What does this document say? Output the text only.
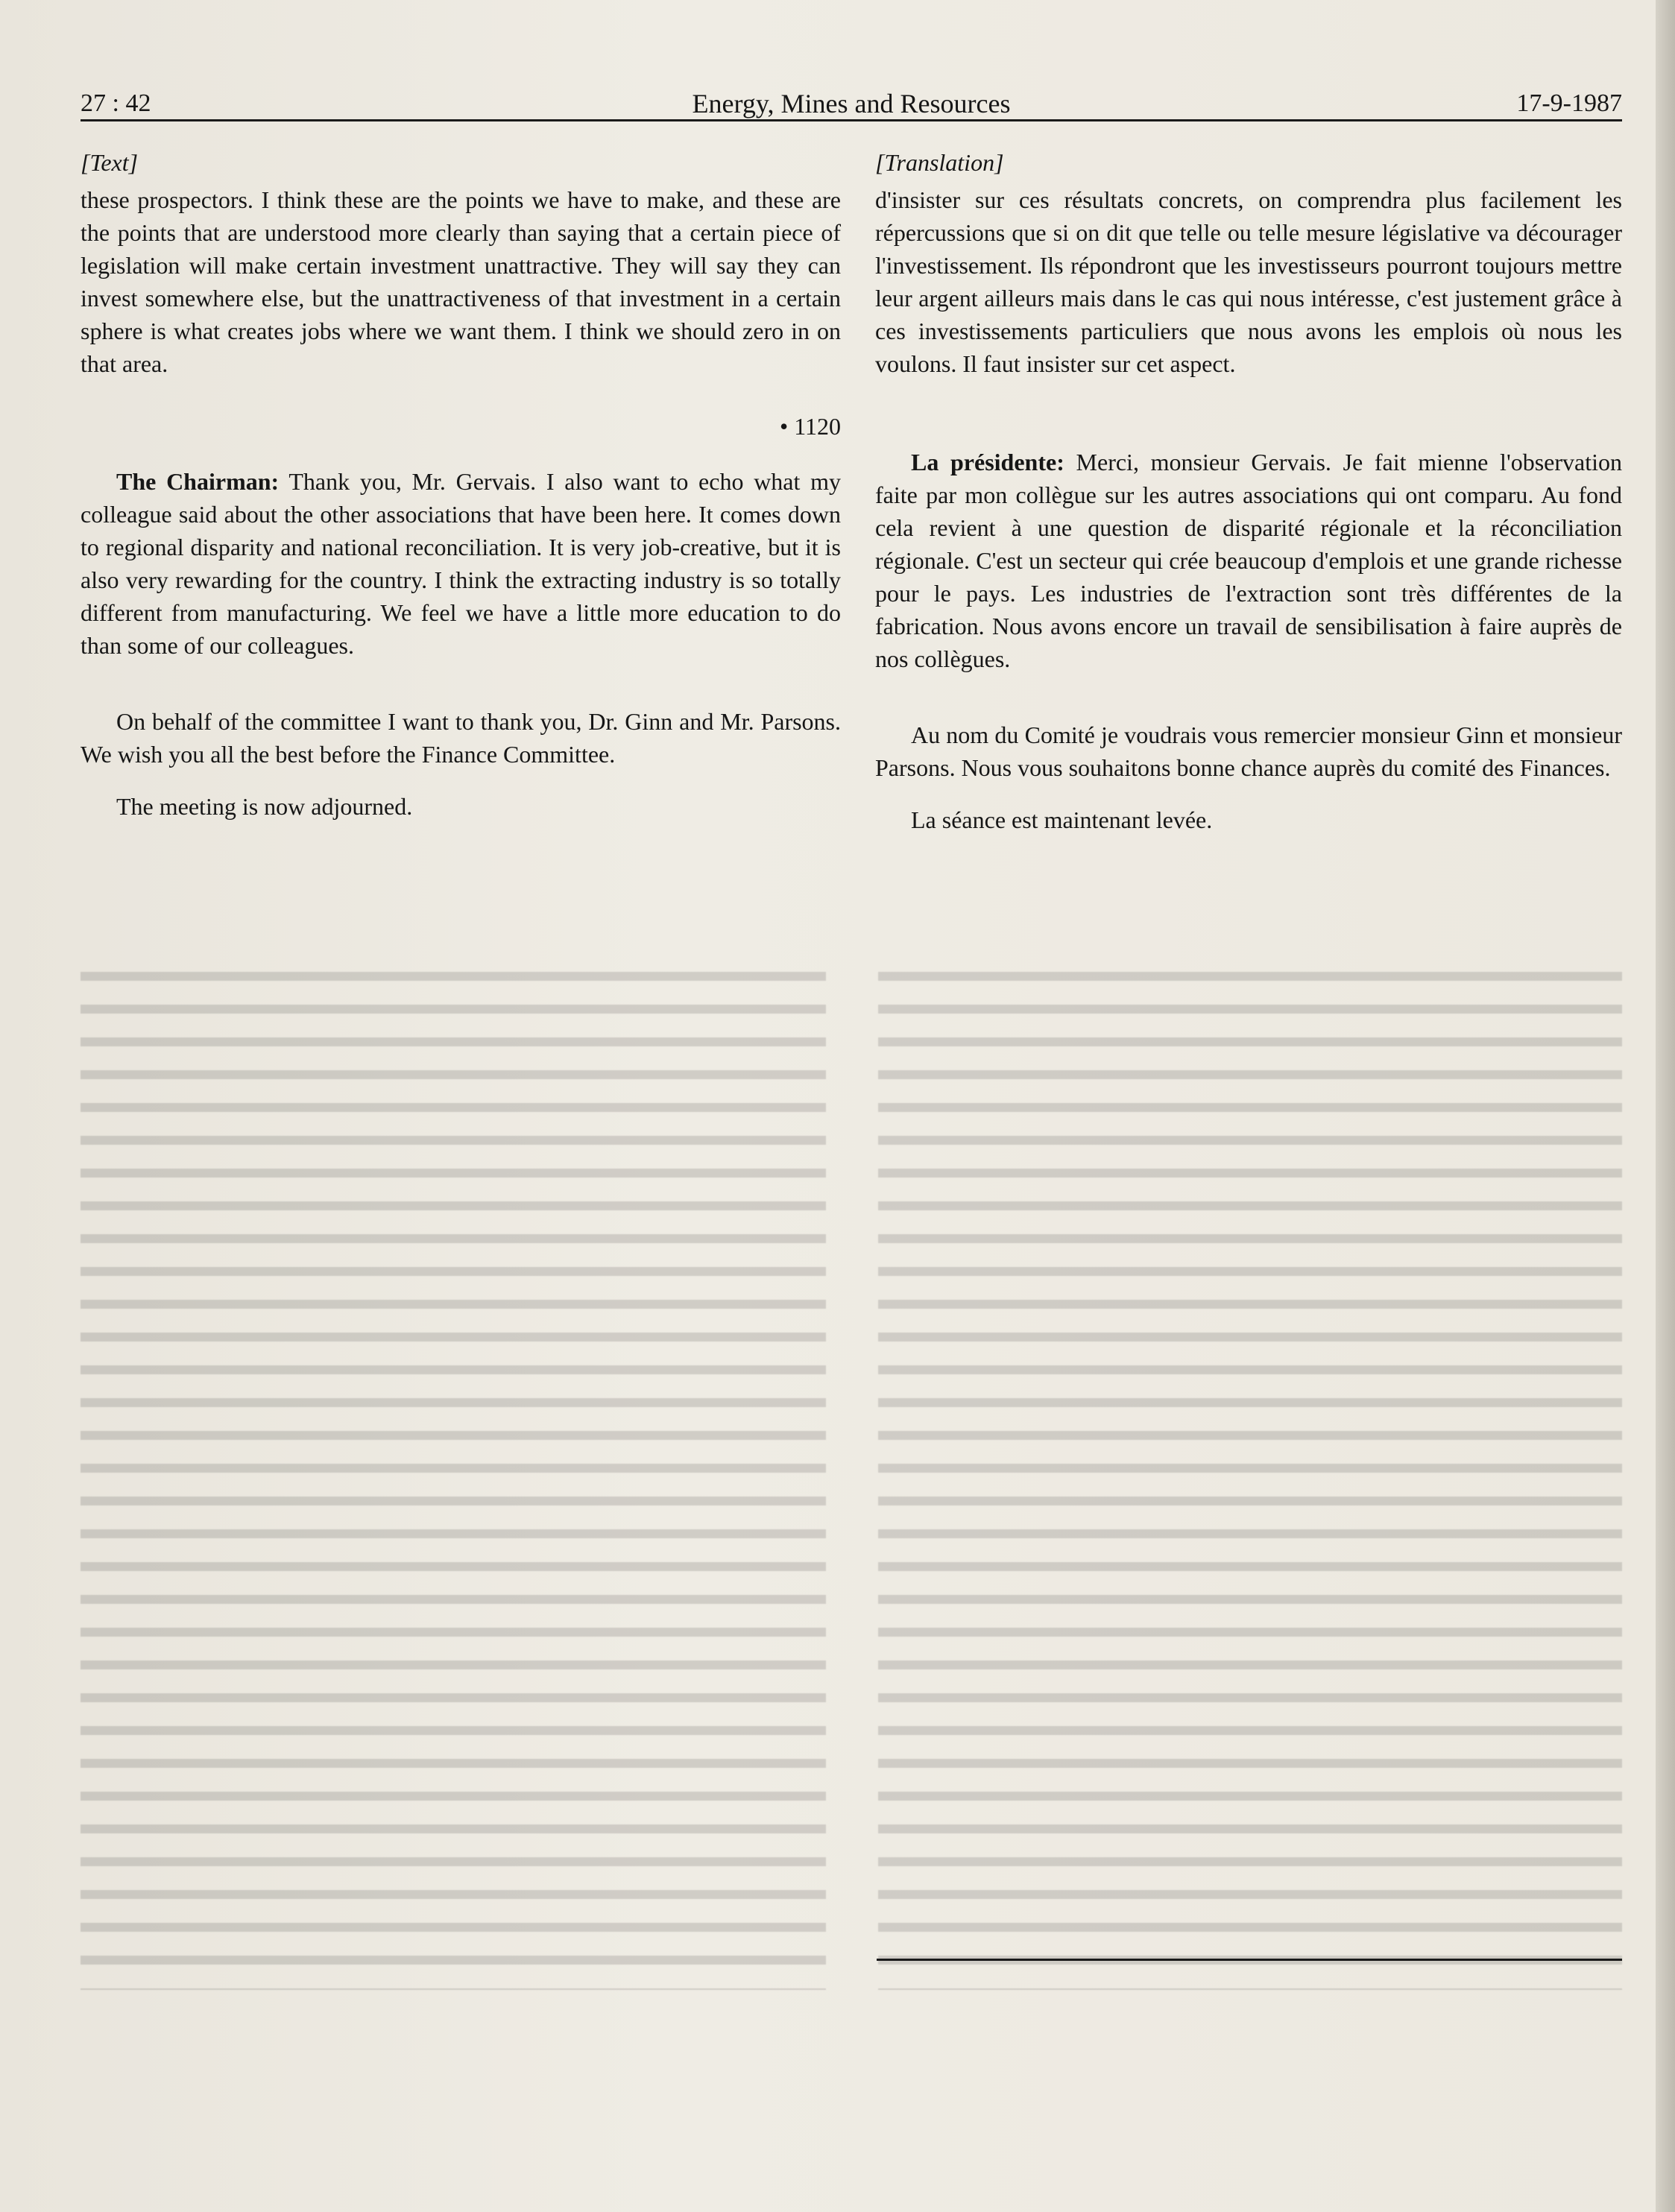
27 : 42	Energy, Mines and Resources	17-9-1987

[Text]

these prospectors. I think these are the points we have to make, and these are the points that are understood more clearly than saying that a certain piece of legislation will make certain investment unattractive. They will say they can invest somewhere else, but the unattractiveness of that investment in a certain sphere is what creates jobs where we want them. I think we should zero in on that area.

• 1120

The Chairman: Thank you, Mr. Gervais. I also want to echo what my colleague said about the other associations that have been here. It comes down to regional disparity and national reconciliation. It is very job-creative, but it is also very rewarding for the country. I think the extracting industry is so totally different from manufacturing. We feel we have a little more education to do than some of our colleagues.

On behalf of the committee I want to thank you, Dr. Ginn and Mr. Parsons. We wish you all the best before the Finance Committee.

The meeting is now adjourned.

[Translation]

d'insister sur ces résultats concrets, on comprendra plus facilement les répercussions que si on dit que telle ou telle mesure législative va décourager l'investissement. Ils répondront que les investisseurs pourront toujours mettre leur argent ailleurs mais dans le cas qui nous intéresse, c'est justement grâce à ces investissements particuliers que nous avons les emplois où nous les voulons. Il faut insister sur cet aspect.

La présidente: Merci, monsieur Gervais. Je fait mienne l'observation faite par mon collègue sur les autres associations qui ont comparu. Au fond cela revient à une question de disparité régionale et la réconciliation régionale. C'est un secteur qui crée beaucoup d'emplois et une grande richesse pour le pays. Les industries de l'extraction sont très différentes de la fabrication. Nous avons encore un travail de sensibilisation à faire auprès de nos collègues.

Au nom du Comité je voudrais vous remercier monsieur Ginn et monsieur Parsons. Nous vous souhaitons bonne chance auprès du comité des Finances.

La séance est maintenant levée.
